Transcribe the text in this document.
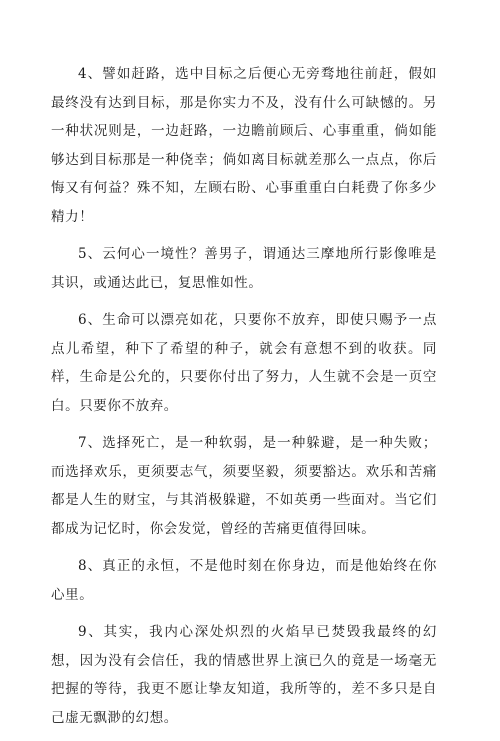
4、譬如赶路，选中目标之后便心无旁骛地往前赶，假如最终没有达到目标，那是你实力不及，没有什么可缺憾的。另一种状况则是，一边赶路，一边瞻前顾后、心事重重，倘如能够达到目标那是一种侥幸；倘如离目标就差那么一点点，你后悔又有何益？殊不知，左顾右盼、心事重重白白耗费了你多少精力！

5、云何心一境性？善男子，谓通达三摩地所行影像唯是其识，或通达此已，复思惟如性。

6、生命可以漂亮如花，只要你不放弃，即使只赐予一点点儿希望，种下了希望的种子，就会有意想不到的收获。同样，生命是公允的，只要你付出了努力，人生就不会是一页空白。只要你不放弃。

7、选择死亡，是一种软弱，是一种躲避，是一种失败；而选择欢乐，更须要志气，须要坚毅，须要豁达。欢乐和苦痛都是人生的财宝，与其消极躲避，不如英勇一些面对。当它们都成为记忆时，你会发觉，曾经的苦痛更值得回味。

8、真正的永恒，不是他时刻在你身边，而是他始终在你心里。

9、其实，我内心深处炽烈的火焰早已焚毁我最终的幻想，因为没有会信任，我的情感世界上演已久的竟是一场毫无把握的等待，我更不愿让挚友知道，我所等的，差不多只是自己虚无飘渺的幻想。
